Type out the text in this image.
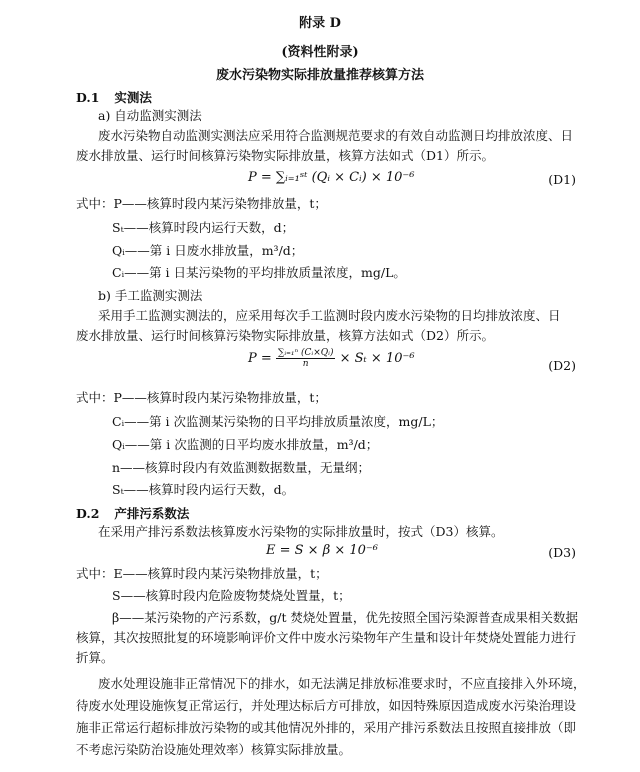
附录 D
(资料性附录)
废水污染物实际排放量推荐核算方法
D.1 实测法
a) 自动监测实测法
废水污染物自动监测实测法应采用符合监测规范要求的有效自动监测日均排放浓度、日
废水排放量、运行时间核算污染物实际排放量，核算方法如式（D1）所示。
P = ∑ᵢ₌₁ˢᵗ (Qᵢ × Cᵢ) × 10⁻⁶	(D1)
式中：P——核算时段内某污染物排放量，t；
Sₜ——核算时段内运行天数，d；
Qᵢ——第 i 日废水排放量，m³/d；
Cᵢ——第 i 日某污染物的平均排放质量浓度，mg/L。
b) 手工监测实测法
采用手工监测实测法的，应采用每次手工监测时段内废水污染物的日均排放浓度、日
废水排放量、运行时间核算污染物实际排放量，核算方法如式（D2）所示。
$P = \frac{\text{∑ᵢ₌₁ⁿ (Cᵢ×Qᵢ)}}{n} \times S_t \times 10^{-6}$	(D2)
式中：P——核算时段内某污染物排放量，t；
Cᵢ——第 i 次监测某污染物的日平均排放质量浓度，mg/L；
Qᵢ——第 i 次监测的日平均废水排放量，m³/d；
n——核算时段内有效监测数据数量，无量纲；
Sₜ——核算时段内运行天数，d。
D.2 产排污系数法
在采用产排污系数法核算废水污染物的实际排放量时，按式（D3）核算。
E = S × β × 10⁻⁶	(D3)
式中：E——核算时段内某污染物排放量，t；
S——核算时段内危险废物焚烧处置量，t；
β——某污染物的产污系数，g/t 焚烧处置量，优先按照全国污染源普查成果相关数据
核算，其次按照批复的环境影响评价文件中废水污染物年产生量和设计年焚烧处置能力进行
折算。
废水处理设施非正常情况下的排水，如无法满足排放标准要求时，不应直接排入外环境，
待废水处理设施恢复正常运行，并处理达标后方可排放，如因特殊原因造成废水污染治理设
施非正常运行超标排放污染物的或其他情况外排的，采用产排污系数法且按照直接排放（即
不考虑污染防治设施处理效率）核算实际排放量。
